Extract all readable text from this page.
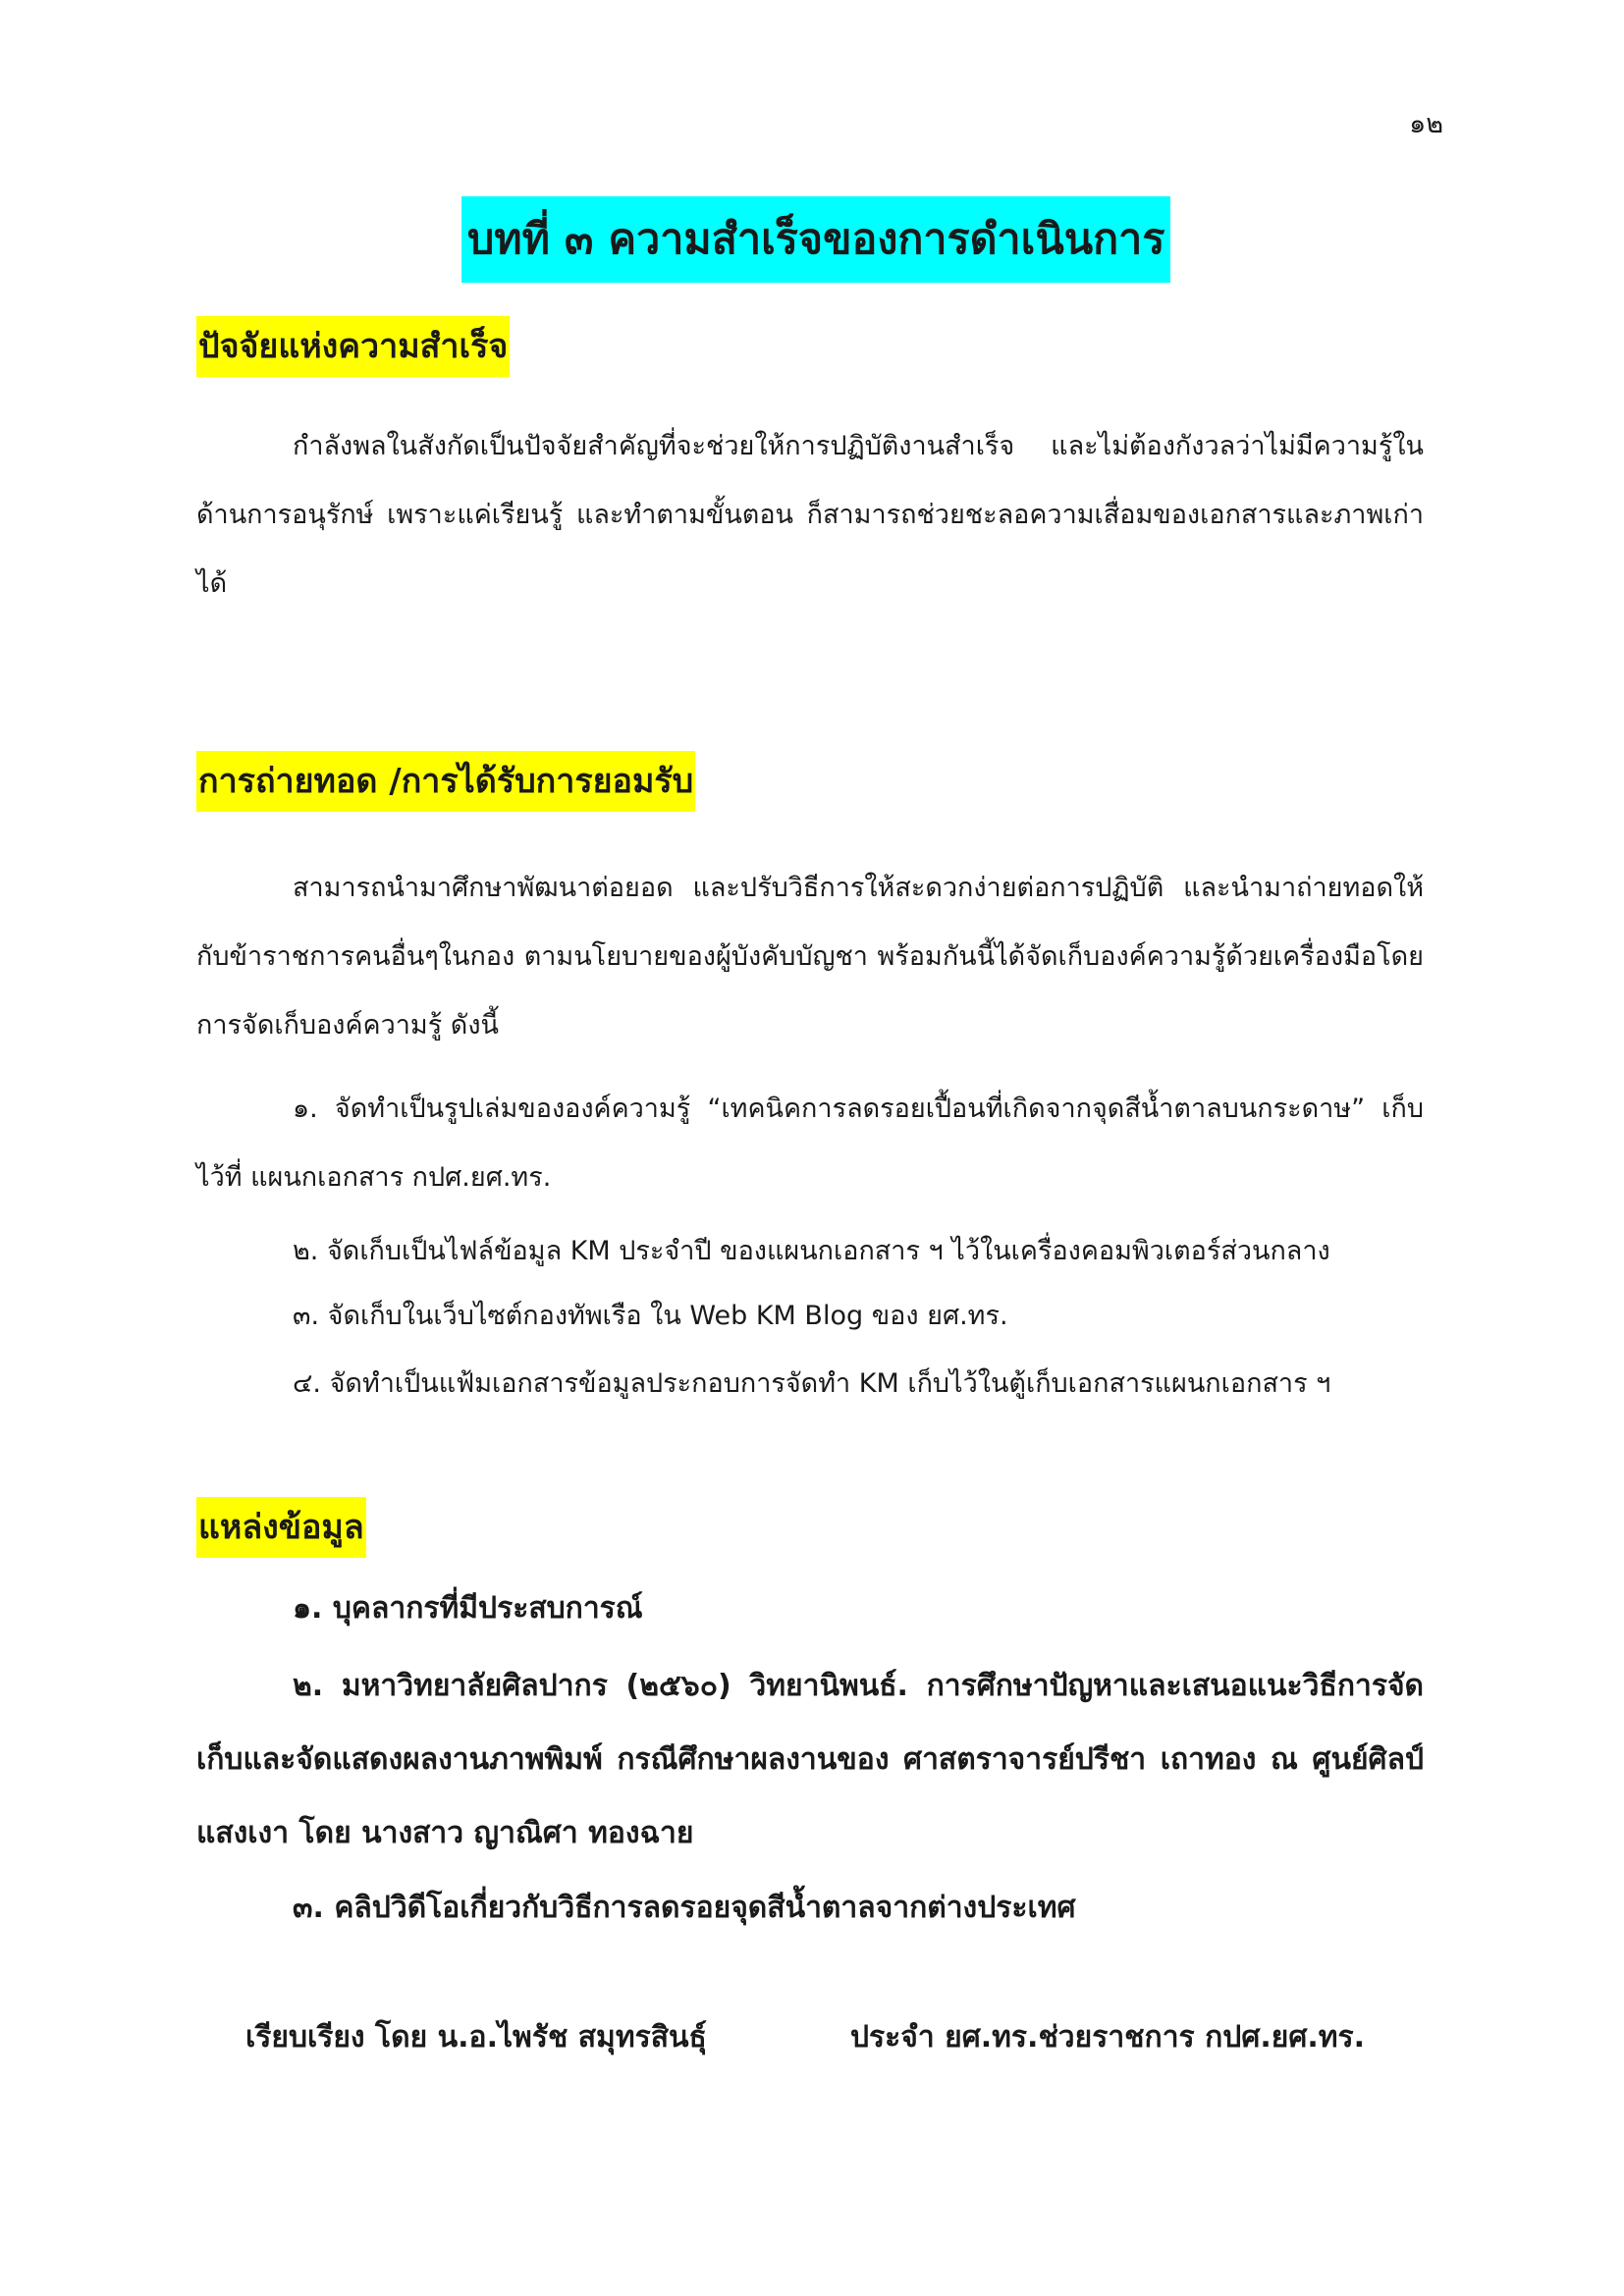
๑๒
บทที่ ๓ ความสำเร็จของการดำเนินการ
ปัจจัยแห่งความสำเร็จ
กำลังพลในสังกัดเป็นปัจจัยสำคัญที่จะช่วยให้การปฏิบัติงานสำเร็จ และไม่ต้องกังวลว่าไม่มีความรู้ในด้านการอนุรักษ์ เพราะแค่เรียนรู้ และทำตามขั้นตอน ก็สามารถช่วยชะลอความเสื่อมของเอกสารและภาพเก่าได้
การถ่ายทอด /การได้รับการยอมรับ
สามารถนำมาศึกษาพัฒนาต่อยอด และปรับวิธีการให้สะดวกง่ายต่อการปฏิบัติ และนำมาถ่ายทอดให้กับข้าราชการคนอื่นๆในกอง ตามนโยบายของผู้บังคับบัญชา พร้อมกันนี้ได้จัดเก็บองค์ความรู้ด้วยเครื่องมือโดยการจัดเก็บองค์ความรู้ ดังนี้
๑. จัดทำเป็นรูปเล่มขององค์ความรู้ “เทคนิคการลดรอยเปื้อนที่เกิดจากจุดสีน้ำตาลบนกระดาษ” เก็บไว้ที่ แผนกเอกสาร กปศ.ยศ.ทร.
๒. จัดเก็บเป็นไฟล์ข้อมูล KM ประจำปี ของแผนกเอกสาร ฯ ไว้ในเครื่องคอมพิวเตอร์ส่วนกลาง
๓. จัดเก็บในเว็บไซต์กองทัพเรือ ใน Web KM Blog ของ ยศ.ทร.
๔. จัดทำเป็นแฟ้มเอกสารข้อมูลประกอบการจัดทำ KM เก็บไว้ในตู้เก็บเอกสารแผนกเอกสาร ฯ
แหล่งข้อมูล
๑. บุคลากรที่มีประสบการณ์
๒. มหาวิทยาลัยศิลปากร (๒๕๖๐) วิทยานิพนธ์. การศึกษาปัญหาและเสนอแนะวิธีการจัดเก็บและจัดแสดงผลงานภาพพิมพ์ กรณีศึกษาผลงานของ ศาสตราจารย์ปรีชา เถาทอง ณ ศูนย์ศิลป์แสงเงา โดย นางสาว ญาณิศา ทองฉาย
๓. คลิปวิดีโอเกี่ยวกับวิธีการลดรอยจุดสีน้ำตาลจากต่างประเทศ
เรียบเรียง โดย น.อ.ไพรัช สมุทรสินธุ์	ประจำ ยศ.ทร.ช่วยราชการ กปศ.ยศ.ทร.
